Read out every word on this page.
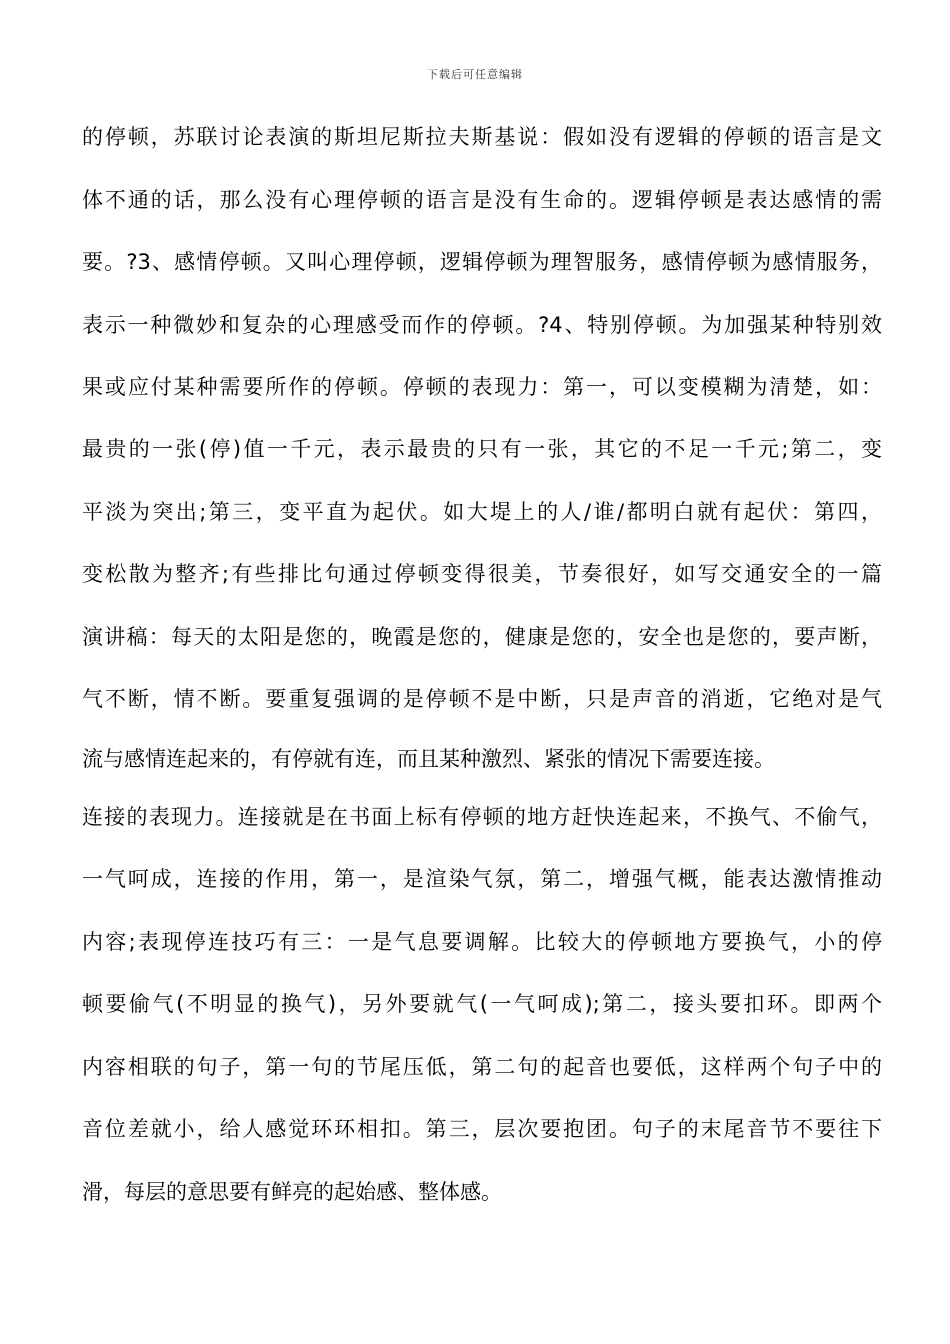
下载后可任意编辑
的停顿，苏联讨论表演的斯坦尼斯拉夫斯基说：假如没有逻辑的停顿的语言是文
体不通的话，那么没有心理停顿的语言是没有生命的。逻辑停顿是表达感情的需
要。?3、感情停顿。又叫心理停顿，逻辑停顿为理智服务，感情停顿为感情服务，
表示一种微妙和复杂的心理感受而作的停顿。?4、特别停顿。为加强某种特别效
果或应付某种需要所作的停顿。停顿的表现力：第一，可以变模糊为清楚，如：
最贵的一张(停)值一千元，表示最贵的只有一张，其它的不足一千元;第二，变
平淡为突出;第三，变平直为起伏。如大堤上的人/谁/都明白就有起伏：第四，
变松散为整齐;有些排比句通过停顿变得很美，节奏很好，如写交通安全的一篇
演讲稿：每天的太阳是您的，晚霞是您的，健康是您的，安全也是您的，要声断，
气不断，情不断。要重复强调的是停顿不是中断，只是声音的消逝，它绝对是气
流与感情连起来的，有停就有连，而且某种激烈、紧张的情况下需要连接。
连接的表现力。连接就是在书面上标有停顿的地方赶快连起来，不换气、不偷气，
一气呵成，连接的作用，第一，是渲染气氛，第二，增强气概，能表达激情推动
内容;表现停连技巧有三：一是气息要调解。比较大的停顿地方要换气，小的停
顿要偷气(不明显的换气)，另外要就气(一气呵成);第二，接头要扣环。即两个
内容相联的句子，第一句的节尾压低，第二句的起音也要低，这样两个句子中的
音位差就小，给人感觉环环相扣。第三，层次要抱团。句子的末尾音节不要往下
滑，每层的意思要有鲜亮的起始感、整体感。
